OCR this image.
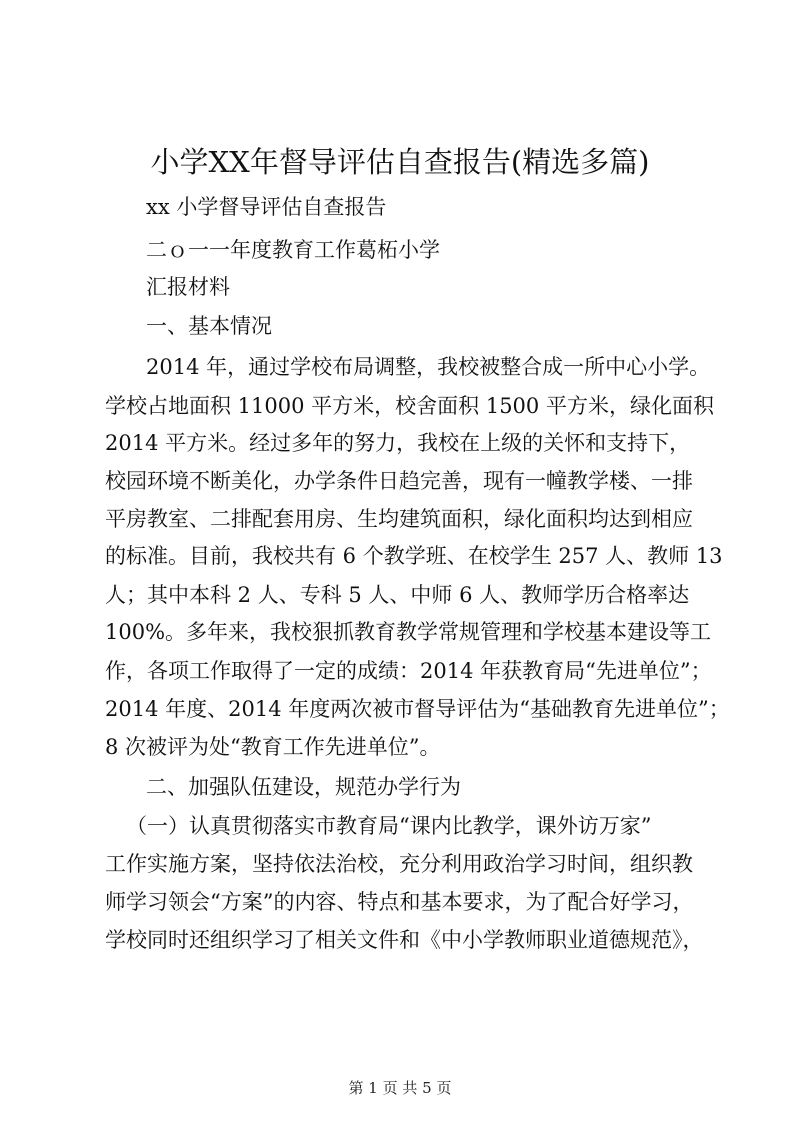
小学XX年督导评估自查报告(精选多篇)

xx 小学督导评估自查报告

二ｏ一一年度教育工作葛柘小学

汇报材料

一、基本情况

2014 年，通过学校布局调整，我校被整合成一所中心小学。

学校占地面积 11000 平方米，校舍面积 1500 平方米，绿化面积

2014 平方米。经过多年的努力，我校在上级的关怀和支持下，

校园环境不断美化，办学条件日趋完善，现有一幢教学楼、一排

平房教室、二排配套用房、生均建筑面积，绿化面积均达到相应

的标准。目前，我校共有 6 个教学班、在校学生 257 人、教师 13

人；其中本科 2 人、专科 5 人、中师 6 人、教师学历合格率达

100%。多年来，我校狠抓教育教学常规管理和学校基本建设等工

作，各项工作取得了一定的成绩：2014 年获教育局“先进单位”；

2014 年度、2014 年度两次被市督导评估为“基础教育先进单位”；

8 次被评为处“教育工作先进单位”。

二、加强队伍建设，规范办学行为

（一）认真贯彻落实市教育局“课内比教学，课外访万家”

工作实施方案，坚持依法治校，充分利用政治学习时间，组织教

师学习领会“方案”的内容、特点和基本要求，为了配合好学习，

学校同时还组织学习了相关文件和《中小学教师职业道德规范》，

第 1 页 共 5 页
